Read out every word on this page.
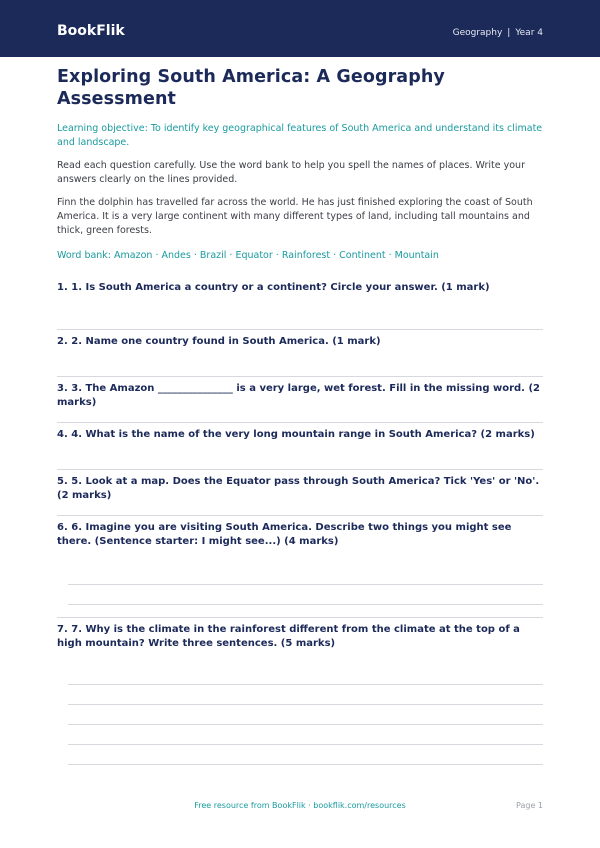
BookFlik	Geography | Year 4
Exploring South America: A Geography Assessment

Learning objective: To identify key geographical features of South America and understand its climate and landscape.

Read each question carefully. Use the word bank to help you spell the names of places. Write your answers clearly on the lines provided.

Finn the dolphin has travelled far across the world. He has just finished exploring the coast of South America. It is a very large continent with many different types of land, including tall mountains and thick, green forests.

Word bank: Amazon · Andes · Brazil · Equator · Rainforest · Continent · Mountain

1. 1. Is South America a country or a continent? Circle your answer. (1 mark)

2. 2. Name one country found in South America. (1 mark)

3. 3. The Amazon _______________ is a very large, wet forest. Fill in the missing word. (2 marks)

4. 4. What is the name of the very long mountain range in South America? (2 marks)

5. 5. Look at a map. Does the Equator pass through South America? Tick 'Yes' or 'No'. (2 marks)

6. 6. Imagine you are visiting South America. Describe two things you might see there. (Sentence starter: I might see...) (4 marks)

7. 7. Why is the climate in the rainforest different from the climate at the top of a high mountain? Write three sentences. (5 marks)

Free resource from BookFlik · bookflik.com/resources	Page 1
